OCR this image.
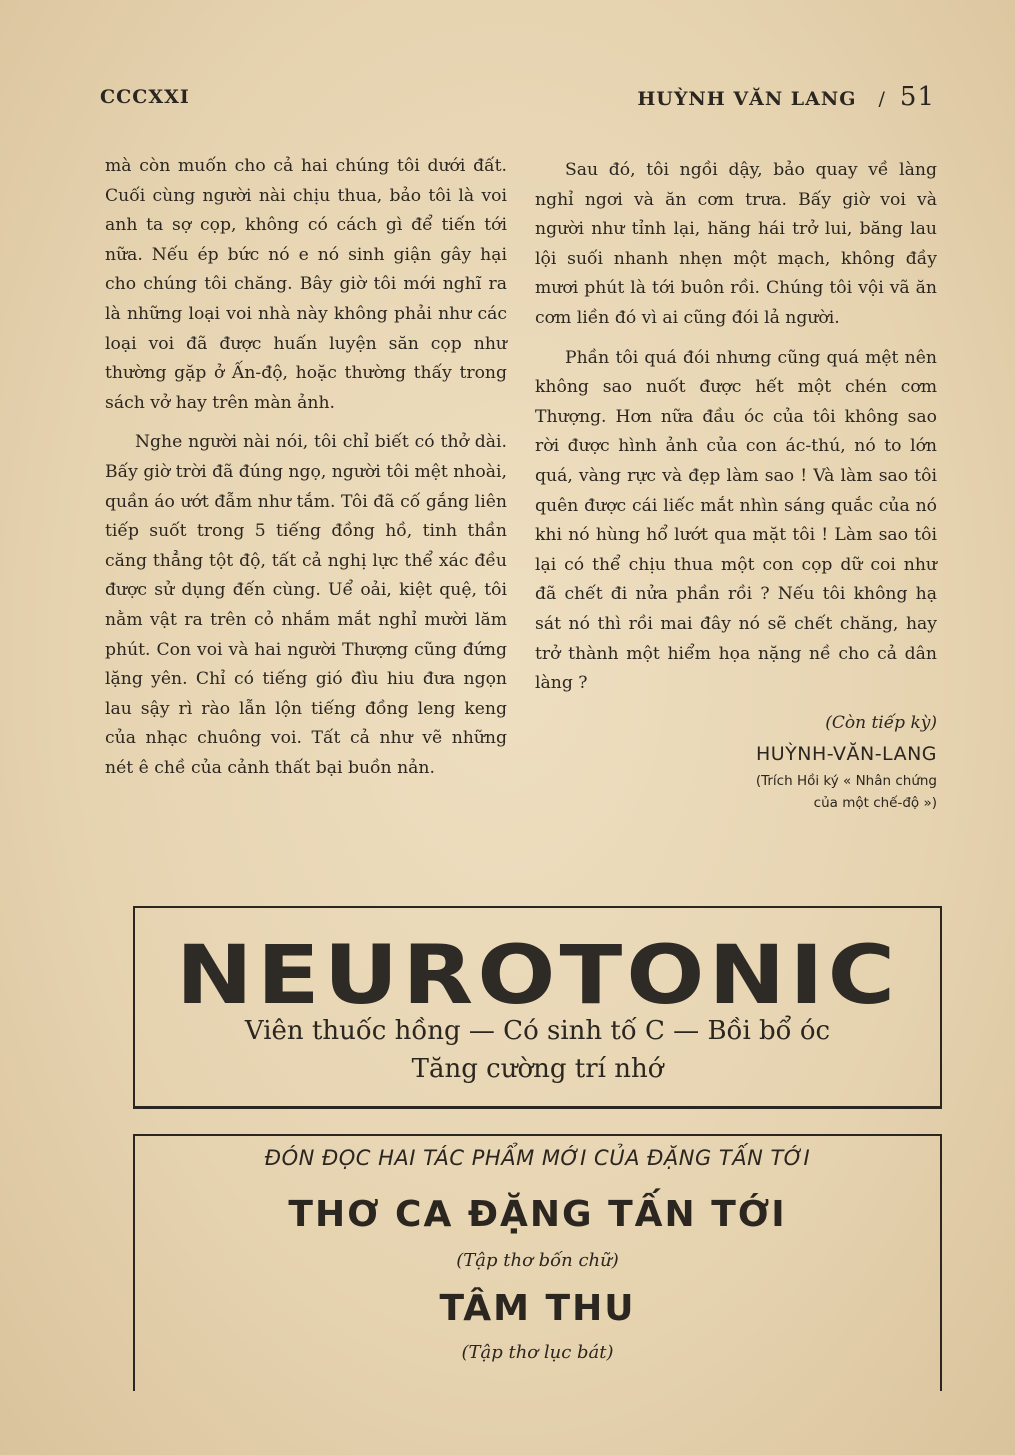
CCCXXI	HUỲNH VĂN LANG / 51

mà còn muốn cho cả hai chúng tôi dưới đất. Cuối cùng người nài chịu thua, bảo tôi là voi anh ta sợ cọp, không có cách gì để tiến tới nữa. Nếu ép bức nó e nó sinh giận gây hại cho chúng tôi chăng. Bây giờ tôi mới nghĩ ra là những loại voi nhà này không phải như các loại voi đã được huấn luyện săn cọp như thường gặp ở Ấn-độ, hoặc thường thấy trong sách vở hay trên màn ảnh.

Nghe người nài nói, tôi chỉ biết có thở dài. Bấy giờ trời đã đúng ngọ, người tôi mệt nhoài, quần áo ướt đẫm như tắm. Tôi đã cố gắng liên tiếp suốt trong 5 tiếng đồng hồ, tinh thần căng thẳng tột độ, tất cả nghị lực thể xác đều được sử dụng đến cùng. Uể oải, kiệt quệ, tôi nằm vật ra trên cỏ nhắm mắt nghỉ mười lăm phút. Con voi và hai người Thượng cũng đứng lặng yên. Chỉ có tiếng gió đìu hiu đưa ngọn lau sậy rì rào lẫn lộn tiếng đồng leng keng của nhạc chuông voi. Tất cả như vẽ những nét ê chề của cảnh thất bại buồn nản.

Sau đó, tôi ngồi dậy, bảo quay về làng nghỉ ngơi và ăn cơm trưa. Bấy giờ voi và người như tỉnh lại, hăng hái trở lui, băng lau lội suối nhanh nhẹn một mạch, không đầy mươi phút là tới buôn rồi. Chúng tôi vội vã ăn cơm liền đó vì ai cũng đói lả người.

Phần tôi quá đói nhưng cũng quá mệt nên không sao nuốt được hết một chén cơm Thượng. Hơn nữa đầu óc của tôi không sao rời được hình ảnh của con ác-thú, nó to lớn quá, vàng rực và đẹp làm sao ! Và làm sao tôi quên được cái liếc mắt nhìn sáng quắc của nó khi nó hùng hổ lướt qua mặt tôi ! Làm sao tôi lại có thể chịu thua một con cọp dữ coi như đã chết đi nửa phần rồi ? Nếu tôi không hạ sát nó thì rồi mai đây nó sẽ chết chăng, hay trở thành một hiểm họa nặng nề cho cả dân làng ?

(Còn tiếp kỳ)
HUỲNH-VĂN-LANG
(Trích Hồi ký « Nhân chứng
của một chế-độ »)
NEUROTONIC
Viên thuốc hồng — Có sinh tố C — Bồi bổ óc
Tăng cường trí nhớ
ĐÓN ĐỌC HAI TÁC PHẨM MỚI CỦA ĐẶNG TẤN TỚI
THƠ CA ĐẶNG TẤN TỚI
(Tập thơ bốn chữ)
TÂM THU
(Tập thơ lục bát)
